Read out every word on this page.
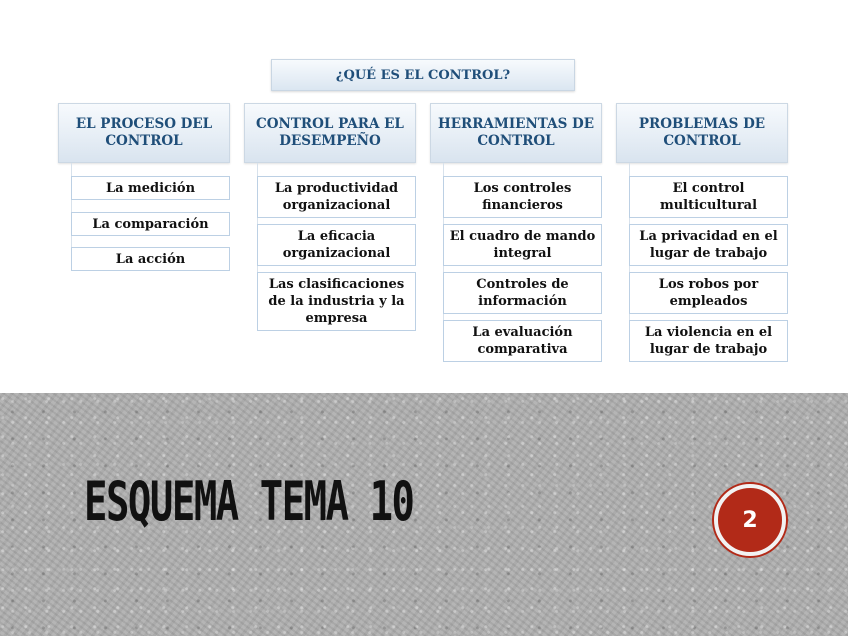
¿QUÉ ES EL CONTROL?
EL PROCESO DEL CONTROL
La medición
La comparación
La acción
CONTROL PARA EL DESEMPEÑO
La productividad organizacional
La eficacia organizacional
Las clasificaciones de la industria y la empresa
HERRAMIENTAS DE CONTROL
Los controles financieros
El cuadro de mando integral
Controles de información
La evaluación comparativa
PROBLEMAS DE CONTROL
El control multicultural
La privacidad en el lugar de trabajo
Los robos por empleados
La violencia en el lugar de trabajo
ESQUEMA TEMA 10	2
